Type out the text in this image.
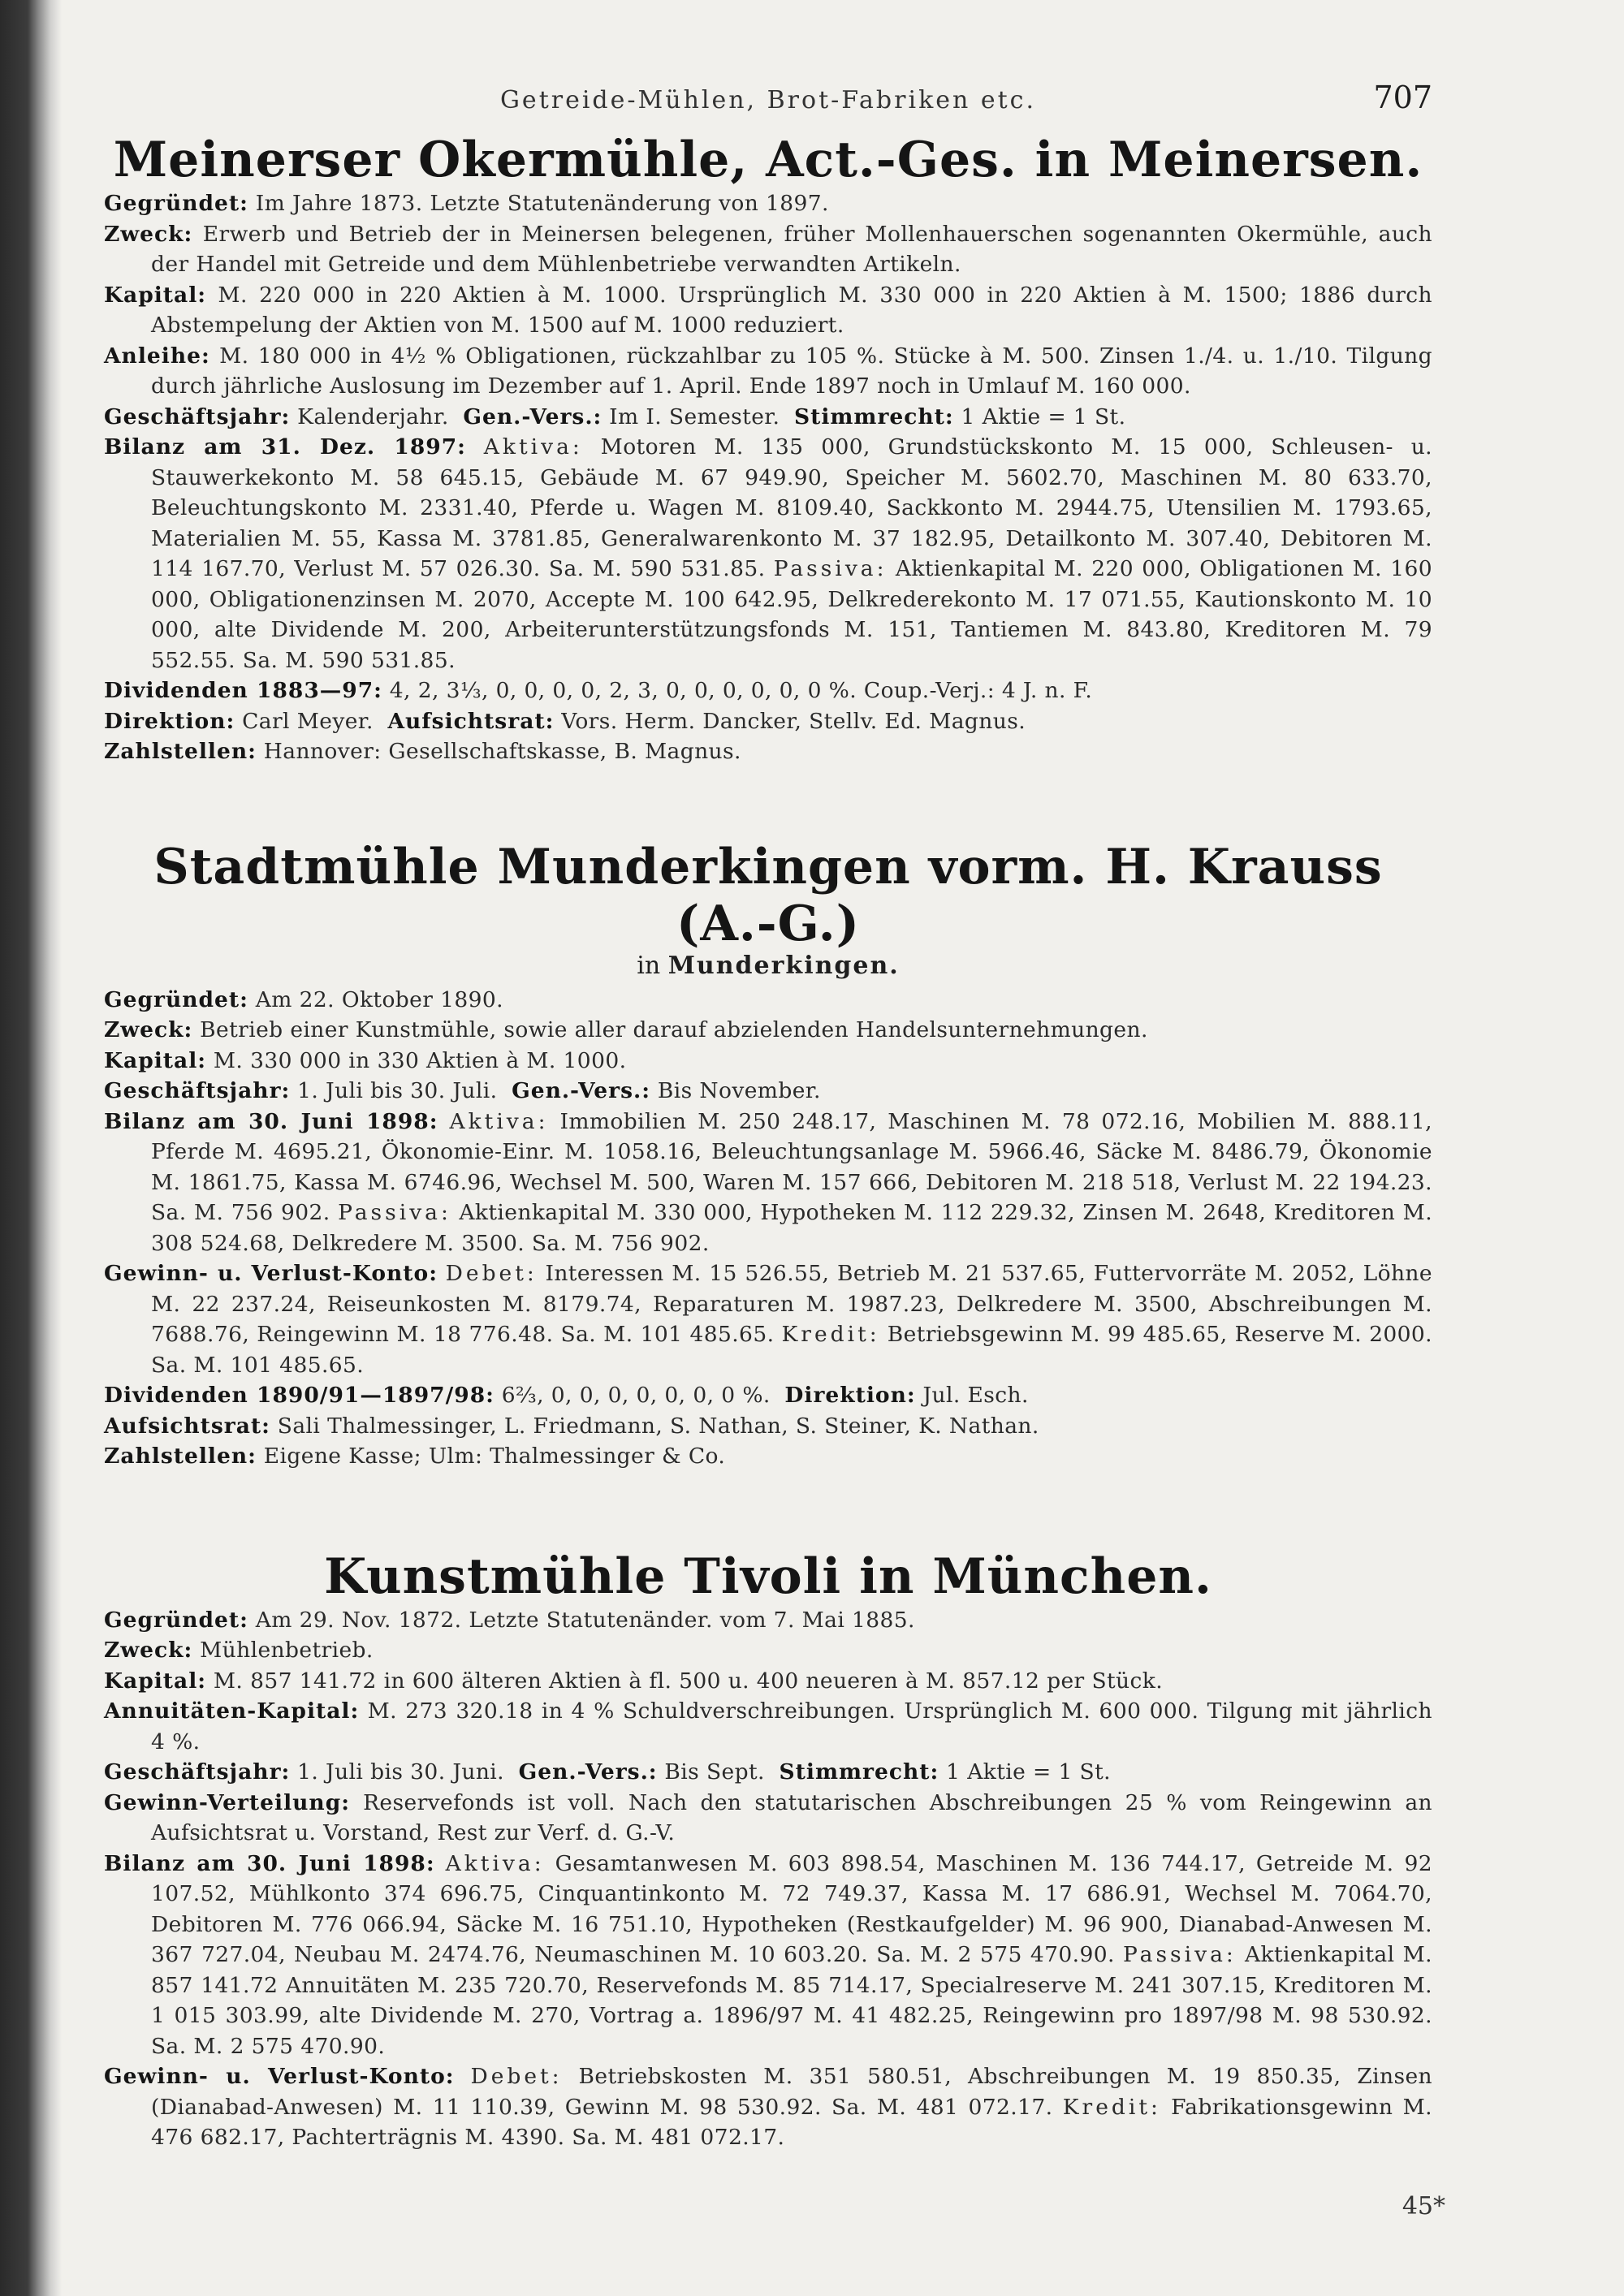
Getreide-Mühlen, Brot-Fabriken etc.	707
Meinerser Okermühle, Act.-Ges. in Meinersen.
Gegründet: Im Jahre 1873. Letzte Statutenänderung von 1897.
Zweck: Erwerb und Betrieb der in Meinersen belegenen, früher Mollenhauerschen sogenannten Okermühle, auch der Handel mit Getreide und dem Mühlenbetriebe verwandten Artikeln.
Kapital: M. 220 000 in 220 Aktien à M. 1000. Ursprünglich M. 330 000 in 220 Aktien à M. 1500; 1886 durch Abstempelung der Aktien von M. 1500 auf M. 1000 reduziert.
Anleihe: M. 180 000 in 4½ % Obligationen, rückzahlbar zu 105 %. Stücke à M. 500. Zinsen 1./4. u. 1./10. Tilgung durch jährliche Auslosung im Dezember auf 1. April. Ende 1897 noch in Umlauf M. 160 000.
Geschäftsjahr: Kalenderjahr. Gen.-Vers.: Im I. Semester. Stimmrecht: 1 Aktie = 1 St.
Bilanz am 31. Dez. 1897: Aktiva: Motoren M. 135 000, Grundstückskonto M. 15 000, Schleusen- u. Stauwerkekonto M. 58 645.15, Gebäude M. 67 949.90, Speicher M. 5602.70, Maschinen M. 80 633.70, Beleuchtungskonto M. 2331.40, Pferde u. Wagen M. 8109.40, Sackkonto M. 2944.75, Utensilien M. 1793.65, Materialien M. 55, Kassa M. 3781.85, Generalwarenkonto M. 37 182.95, Detailkonto M. 307.40, Debitoren M. 114 167.70, Verlust M. 57 026.30. Sa. M. 590 531.85. Passiva: Aktienkapital M. 220 000, Obligationen M. 160 000, Obligationenzinsen M. 2070, Accepte M. 100 642.95, Delkrederekonto M. 17 071.55, Kautionskonto M. 10 000, alte Dividende M. 200, Arbeiterunterstützungsfonds M. 151, Tantiemen M. 843.80, Kreditoren M. 79 552.55. Sa. M. 590 531.85.
Dividenden 1883—97: 4, 2, 3⅓, 0, 0, 0, 0, 2, 3, 0, 0, 0, 0, 0, 0 %. Coup.-Verj.: 4 J. n. F.
Direktion: Carl Meyer. Aufsichtsrat: Vors. Herm. Dancker, Stellv. Ed. Magnus.
Zahlstellen: Hannover: Gesellschaftskasse, B. Magnus.
Stadtmühle Munderkingen vorm. H. Krauss (A.-G.)
in Munderkingen.
Gegründet: Am 22. Oktober 1890.
Zweck: Betrieb einer Kunstmühle, sowie aller darauf abzielenden Handelsunternehmungen.
Kapital: M. 330 000 in 330 Aktien à M. 1000.
Geschäftsjahr: 1. Juli bis 30. Juli. Gen.-Vers.: Bis November.
Bilanz am 30. Juni 1898: Aktiva: Immobilien M. 250 248.17, Maschinen M. 78 072.16, Mobilien M. 888.11, Pferde M. 4695.21, Ökonomie-Einr. M. 1058.16, Beleuchtungsanlage M. 5966.46, Säcke M. 8486.79, Ökonomie M. 1861.75, Kassa M. 6746.96, Wechsel M. 500, Waren M. 157 666, Debitoren M. 218 518, Verlust M. 22 194.23. Sa. M. 756 902. Passiva: Aktienkapital M. 330 000, Hypotheken M. 112 229.32, Zinsen M. 2648, Kreditoren M. 308 524.68, Delkredere M. 3500. Sa. M. 756 902.
Gewinn- u. Verlust-Konto: Debet: Interessen M. 15 526.55, Betrieb M. 21 537.65, Futtervorräte M. 2052, Löhne M. 22 237.24, Reiseunkosten M. 8179.74, Reparaturen M. 1987.23, Delkredere M. 3500, Abschreibungen M. 7688.76, Reingewinn M. 18 776.48. Sa. M. 101 485.65. Kredit: Betriebsgewinn M. 99 485.65, Reserve M. 2000. Sa. M. 101 485.65.
Dividenden 1890/91—1897/98: 6⅔, 0, 0, 0, 0, 0, 0, 0 %. Direktion: Jul. Esch.
Aufsichtsrat: Sali Thalmessinger, L. Friedmann, S. Nathan, S. Steiner, K. Nathan.
Zahlstellen: Eigene Kasse; Ulm: Thalmessinger & Co.
Kunstmühle Tivoli in München.
Gegründet: Am 29. Nov. 1872. Letzte Statutenänder. vom 7. Mai 1885.
Zweck: Mühlenbetrieb.
Kapital: M. 857 141.72 in 600 älteren Aktien à fl. 500 u. 400 neueren à M. 857.12 per Stück.
Annuitäten-Kapital: M. 273 320.18 in 4 % Schuldverschreibungen. Ursprünglich M. 600 000. Tilgung mit jährlich 4 %.
Geschäftsjahr: 1. Juli bis 30. Juni. Gen.-Vers.: Bis Sept. Stimmrecht: 1 Aktie = 1 St.
Gewinn-Verteilung: Reservefonds ist voll. Nach den statutarischen Abschreibungen 25 % vom Reingewinn an Aufsichtsrat u. Vorstand, Rest zur Verf. d. G.-V.
Bilanz am 30. Juni 1898: Aktiva: Gesamtanwesen M. 603 898.54, Maschinen M. 136 744.17, Getreide M. 92 107.52, Mühlkonto 374 696.75, Cinquantinkonto M. 72 749.37, Kassa M. 17 686.91, Wechsel M. 7064.70, Debitoren M. 776 066.94, Säcke M. 16 751.10, Hypotheken (Restkaufgelder) M. 96 900, Dianabad-Anwesen M. 367 727.04, Neubau M. 2474.76, Neumaschinen M. 10 603.20. Sa. M. 2 575 470.90. Passiva: Aktienkapital M. 857 141.72 Annuitäten M. 235 720.70, Reservefonds M. 85 714.17, Specialreserve M. 241 307.15, Kreditoren M. 1 015 303.99, alte Dividende M. 270, Vortrag a. 1896/97 M. 41 482.25, Reingewinn pro 1897/98 M. 98 530.92. Sa. M. 2 575 470.90.
Gewinn- u. Verlust-Konto: Debet: Betriebskosten M. 351 580.51, Abschreibungen M. 19 850.35, Zinsen (Dianabad-Anwesen) M. 11 110.39, Gewinn M. 98 530.92. Sa. M. 481 072.17. Kredit: Fabrikationsgewinn M. 476 682.17, Pachterträgnis M. 4390. Sa. M. 481 072.17.
45*
